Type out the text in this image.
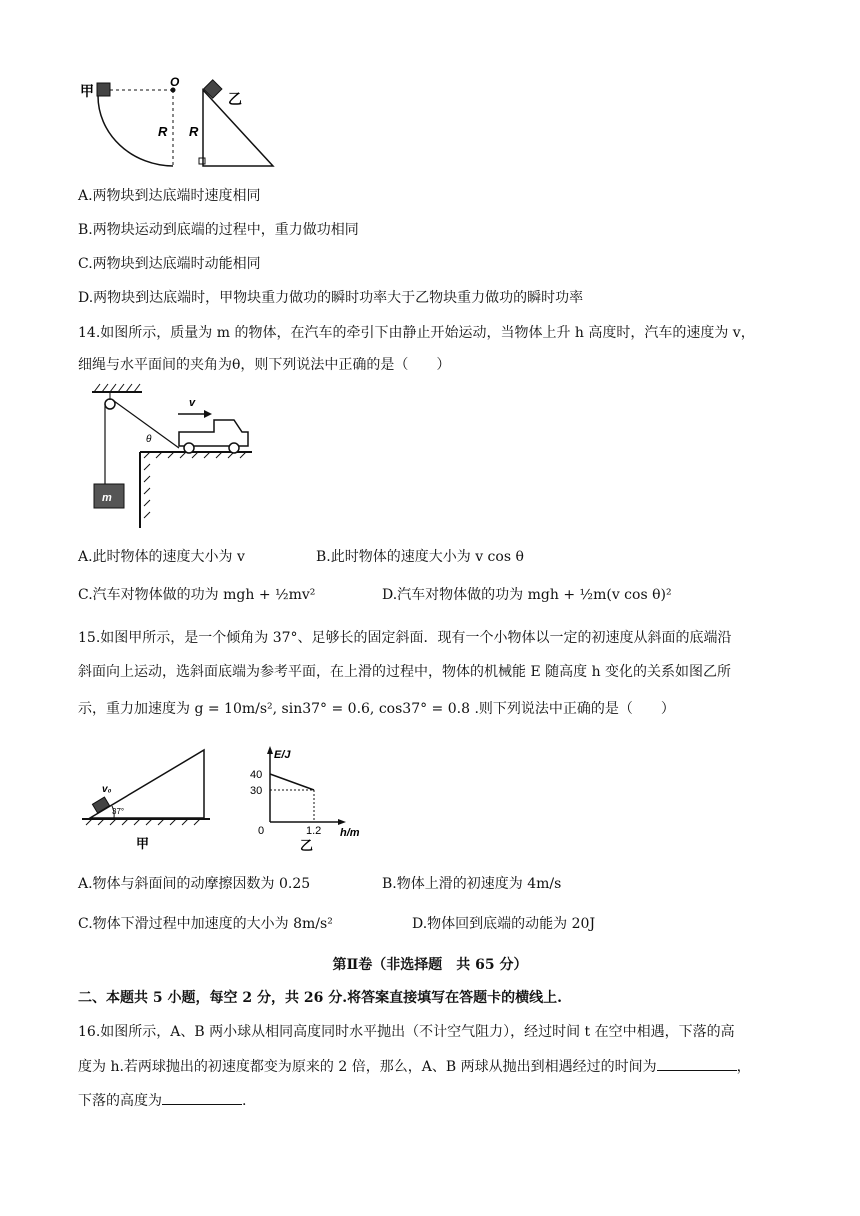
甲
O
R
乙
R
A.两物块到达底端时速度相同
B.两物块运动到底端的过程中，重力做功相同
C.两物块到达底端时动能相同
D.两物块到达底端时，甲物块重力做功的瞬时功率大于乙物块重力做功的瞬时功率
14.如图所示，质量为 m 的物体，在汽车的牵引下由静止开始运动，当物体上升 h 高度时，汽车的速度为 v，
细绳与水平面间的夹角为θ，则下列说法中正确的是（　　）
m
θ
v
A.此时物体的速度大小为 v	B.此时物体的速度大小为 v cos θ
C.汽车对物体做的功为 mgh + ½mv²	D.汽车对物体做的功为 mgh + ½m(v cos θ)²
15.如图甲所示，是一个倾角为 37°、足够长的固定斜面．现有一个小物体以一定的初速度从斜面的底端沿
斜面向上运动，选斜面底端为参考平面，在上滑的过程中，物体的机械能 E 随高度 h 变化的关系如图乙所
示，重力加速度为 g = 10m/s², sin37° = 0.6, cos37° = 0.8 .则下列说法中正确的是（　　）
v₀
37°
甲
E/J
h/m
40
30
0	1.2
乙
A.物体与斜面间的动摩擦因数为 0.25	B.物体上滑的初速度为 4m/s
C.物体下滑过程中加速度的大小为 8m/s²	D.物体回到底端的动能为 20J
第Ⅱ卷（非选择题　共 65 分）
二、本题共 5 小题，每空 2 分，共 26 分.将答案直接填写在答题卡的横线上.
16.如图所示，A、B 两小球从相同高度同时水平抛出（不计空气阻力），经过时间 t 在空中相遇，下落的高
度为 h.若两球抛出的初速度都变为原来的 2 倍，那么，A、B 两球从抛出到相遇经过的时间为	，
下落的高度为	.
